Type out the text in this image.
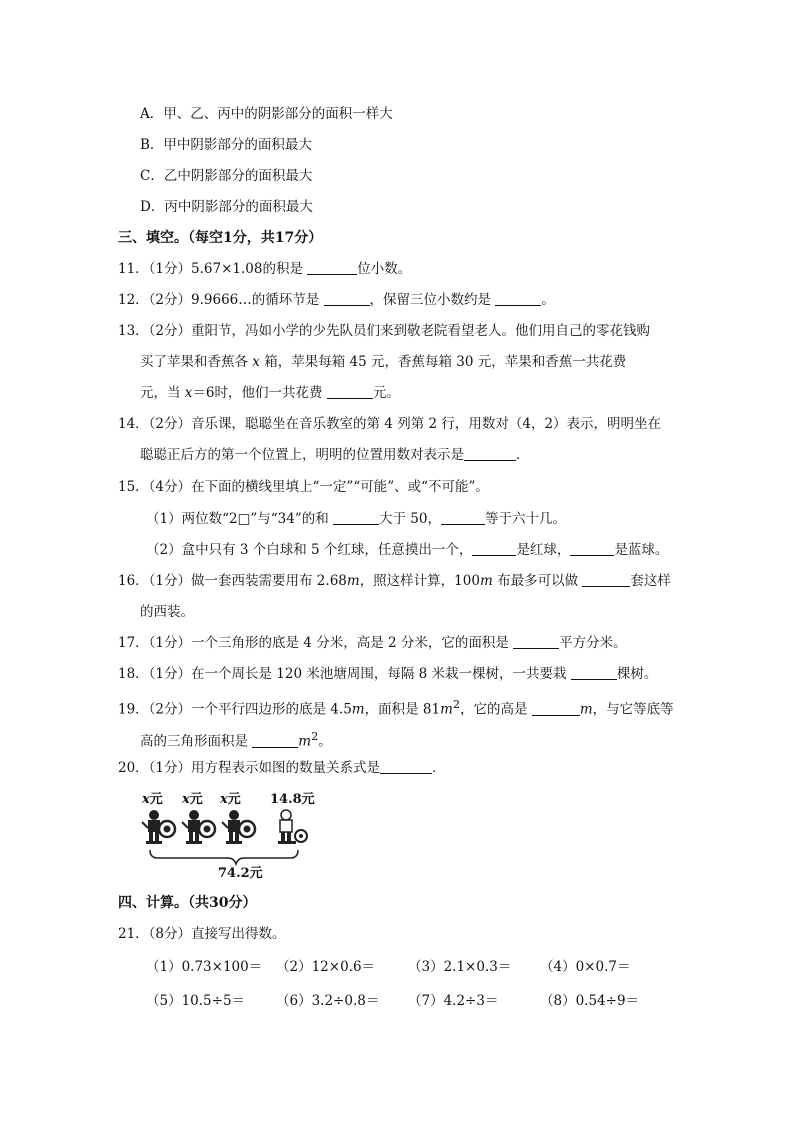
A．甲、乙、丙中的阴影部分的面积一样大
B．甲中阴影部分的面积最大
C．乙中阴影部分的面积最大
D．丙中阴影部分的面积最大
三、填空。（每空1分，共17分）
11．（1分）5.67×1.08的积是	位小数。
12．（2分）9.9666…的循环节是	，保留三位小数约是	。
13．（2分）重阳节，冯如小学的少先队员们来到敬老院看望老人。他们用自己的零花钱购
买了苹果和香蕉各 x 箱，苹果每箱 45 元，香蕉每箱 30 元，苹果和香蕉一共花费
元，当 x＝6时，他们一共花费	元。
14．（2分）音乐课，聪聪坐在音乐教室的第 4 列第 2 行，用数对（4，2）表示，明明坐在
聪聪正后方的第一个位置上，明明的位置用数对表示是	．
15．（4分）在下面的横线里填上“一定”“可能”、或“不可能”。
（1）两位数“2□”与“34”的和	大于 50，	等于六十几。
（2）盒中只有 3 个白球和 5 个红球，任意摸出一个，	是红球，	是蓝球。
16．（1分）做一套西装需要用布 2.68m，照这样计算，100m 布最多可以做	套这样
的西装。
17．（1分）一个三角形的底是 4 分米，高是 2 分米，它的面积是	平方分米。
18．（1分）在一个周长是 120 米池塘周围，每隔 8 米栽一棵树，一共要栽	棵树。
19．（2分）一个平行四边形的底是 4.5m，面积是 $81m^2$，它的高是	m，与它等底等
高的三角形面积是	$m^2$。
20．（1分）用方程表示如图的数量关系式是	．
x元 x元 x元 14.8元
74.2元
四、计算。（共30分）
21．（8分）直接写出得数。
（1）0.73×100＝ （2）12×0.6＝ （3）2.1×0.3＝ （4）0×0.7＝
（5）10.5÷5＝ （6）3.2÷0.8＝ （7）4.2÷3＝	（8）0.54÷9＝
